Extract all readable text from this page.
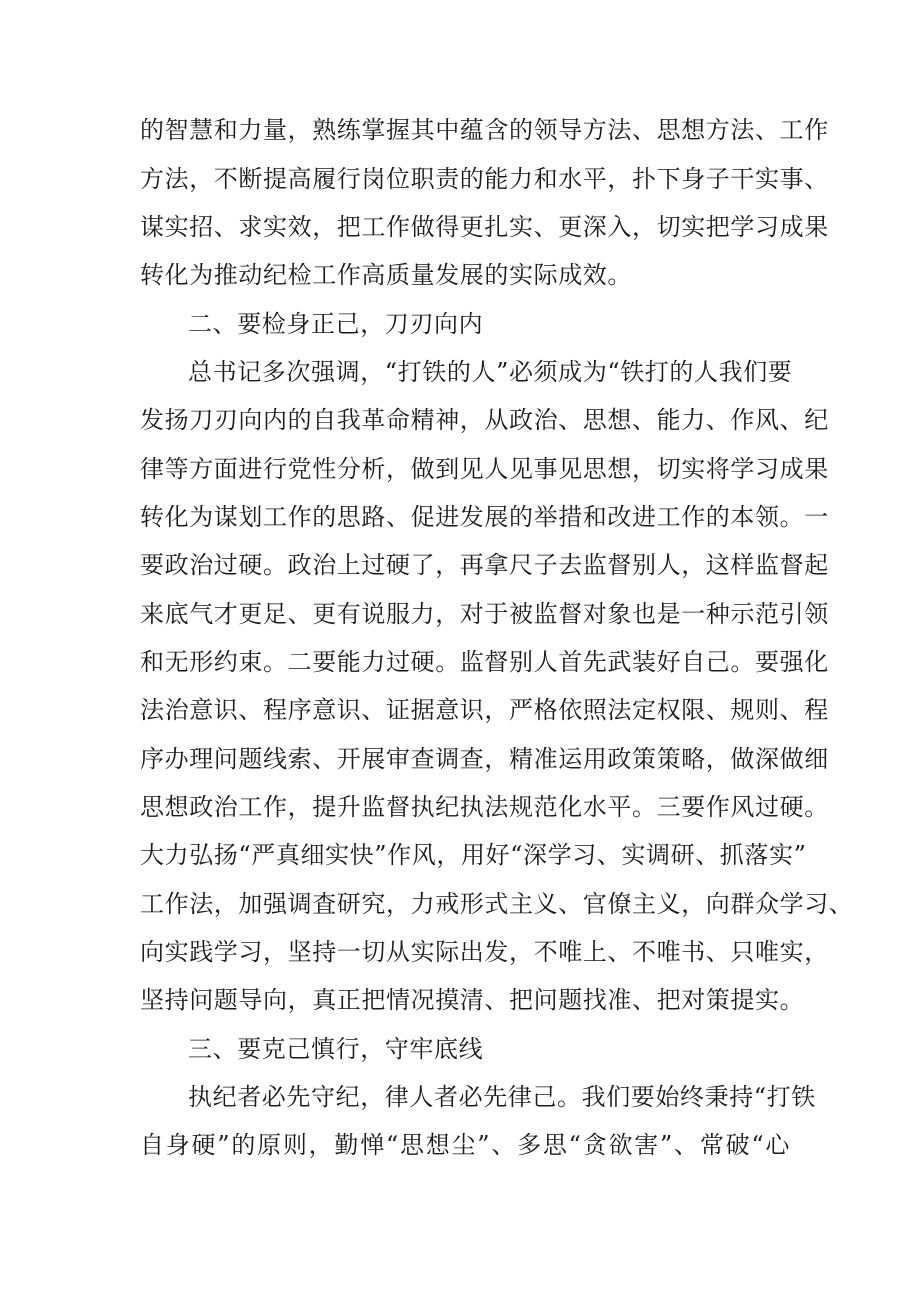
的智慧和力量，熟练掌握其中蕴含的领导方法、思想方法、工作
方法，不断提高履行岗位职责的能力和水平，扑下身子干实事、
谋实招、求实效，把工作做得更扎实、更深入，切实把学习成果
转化为推动纪检工作高质量发展的实际成效。
二、要检身正己，刀刃向内
总书记多次强调，“打铁的人”必须成为“铁打的人我们要
发扬刀刃向内的自我革命精神，从政治、思想、能力、作风、纪
律等方面进行党性分析，做到见人见事见思想，切实将学习成果
转化为谋划工作的思路、促进发展的举措和改进工作的本领。一
要政治过硬。政治上过硬了，再拿尺子去监督别人，这样监督起
来底气才更足、更有说服力，对于被监督对象也是一种示范引领
和无形约束。二要能力过硬。监督别人首先武装好自己。要强化
法治意识、程序意识、证据意识，严格依照法定权限、规则、程
序办理问题线索、开展审查调查，精准运用政策策略，做深做细
思想政治工作，提升监督执纪执法规范化水平。三要作风过硬。
大力弘扬“严真细实快”作风，用好“深学习、实调研、抓落实”
工作法，加强调査研究，力戒形式主义、官僚主义，向群众学习、
向实践学习，坚持一切从实际出发，不唯上、不唯书、只唯实，
坚持问题导向，真正把情况摸清、把问题找准、把对策提实。
三、要克己慎行，守牢底线
执纪者必先守纪，律人者必先律己。我们要始终秉持“打铁
自身硬”的原则，勤惮“思想尘”、多思“贪欲害”、常破“心
